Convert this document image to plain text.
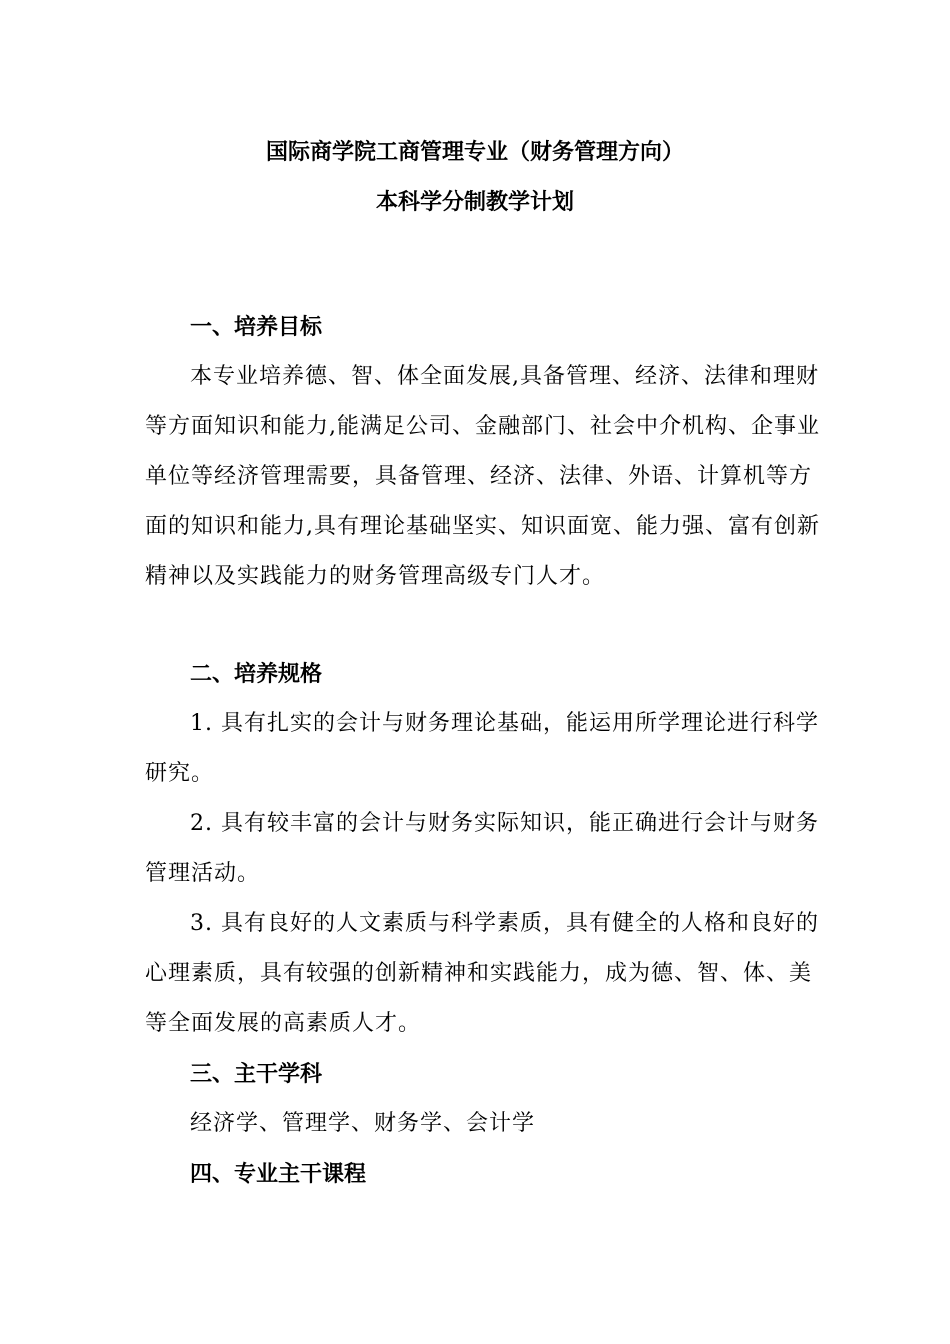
国际商学院工商管理专业（财务管理方向）
本科学分制教学计划
一、培养目标
本专业培养德、智、体全面发展,具备管理、经济、法律和理财
等方面知识和能力,能满足公司、金融部门、社会中介机构、企事业
单位等经济管理需要，具备管理、经济、法律、外语、计算机等方
面的知识和能力,具有理论基础坚实、知识面宽、能力强、富有创新
精神以及实践能力的财务管理高级专门人才。
二、培养规格
1. 具有扎实的会计与财务理论基础，能运用所学理论进行科学
研究。
2. 具有较丰富的会计与财务实际知识，能正确进行会计与财务
管理活动。
3. 具有良好的人文素质与科学素质，具有健全的人格和良好的
心理素质，具有较强的创新精神和实践能力，成为德、智、体、美
等全面发展的高素质人才。
三、主干学科
经济学、管理学、财务学、会计学
四、专业主干课程
